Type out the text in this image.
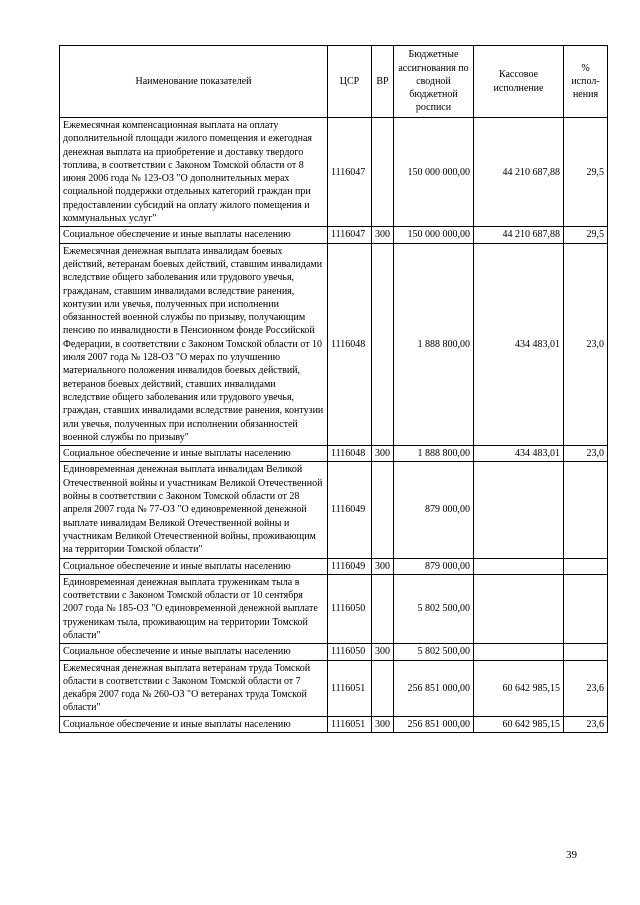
Наименование показателей	ЦСР	ВР	Бюджетные ассигнования по сводной бюджетной росписи	Кассовое исполнение	% испол-нения
Ежемесячная компенсационная выплата на оплату дополнительной площади жилого помещения и ежегодная денежная выплата на приобретение и доставку твердого топлива, в соответствии с Законом Томской области от 8 июня 2006 года № 123-ОЗ "О дополнительных мерах социальной поддержки отдельных категорий граждан при предоставлении субсидий на оплату жилого помещения и коммунальных услуг"	1116047		150 000 000,00	44 210 687,88	29,5
Социальное обеспечение и иные выплаты населению	1116047	300	150 000 000,00	44 210 687,88	29,5
Ежемесячная денежная выплата инвалидам боевых действий, ветеранам боевых действий, ставшим инвалидами вследствие общего заболевания или трудового увечья, гражданам, ставшим инвалидами вследствие ранения, контузии или увечья, полученных при исполнении обязанностей военной службы по призыву, получающим пенсию по инвалидности в Пенсионном фонде Российской Федерации, в соответствии с Законом Томской области от 10 июля 2007 года № 128-ОЗ "О мерах по улучшению материального положения инвалидов боевых действий, ветеранов боевых действий, ставших инвалидами вследствие общего заболевания или трудового увечья, граждан, ставших инвалидами вследствие ранения, контузии или увечья, полученных при исполнении обязанностей военной службы по призыву"	1116048		1 888 800,00	434 483,01	23,0
Социальное обеспечение и иные выплаты населению	1116048	300	1 888 800,00	434 483,01	23,0
Единовременная денежная выплата инвалидам Великой Отечественной войны и участникам Великой Отечественной войны в соответствии с Законом Томской области от 28 апреля 2007 года № 77-ОЗ "О единовременной денежной выплате инвалидам Великой Отечественной войны и участникам Великой Отечественной войны, проживающим на территории Томской области"	1116049		879 000,00		
Социальное обеспечение и иные выплаты населению	1116049	300	879 000,00		
Единовременная денежная выплата труженикам тыла в соответствии с Законом Томской области от 10 сентября 2007 года № 185-ОЗ "О единовременной денежной выплате труженикам тыла, проживающим на территории Томской области"	1116050		5 802 500,00		
Социальное обеспечение и иные выплаты населению	1116050	300	5 802 500,00		
Ежемесячная денежная выплата ветеранам труда Томской области в соответствии с Законом Томской области от 7 декабря 2007 года № 260-ОЗ "О ветеранах труда Томской области"	1116051		256 851 000,00	60 642 985,15	23,6
Социальное обеспечение и иные выплаты населению	1116051	300	256 851 000,00	60 642 985,15	23,6
39
